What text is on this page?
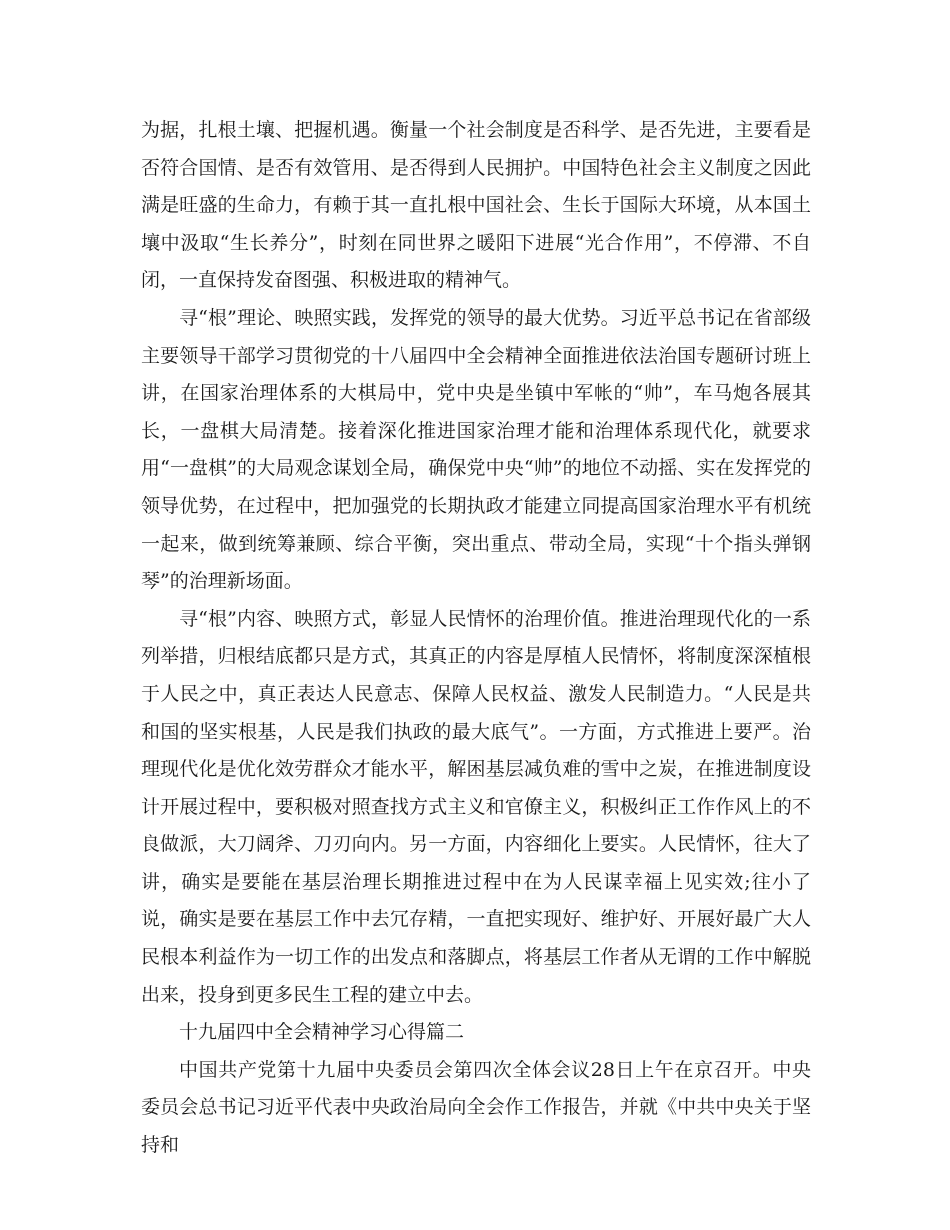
为据，扎根土壤、把握机遇。衡量一个社会制度是否科学、是否先进，主要看是否符合国情、是否有效管用、是否得到人民拥护。中国特色社会主义制度之因此满是旺盛的生命力，有赖于其一直扎根中国社会、生长于国际大环境，从本国土壤中汲取“生长养分”，时刻在同世界之暖阳下进展“光合作用”，不停滞、不自闭，一直保持发奋图强、积极进取的精神气。

寻“根”理论、映照实践，发挥党的领导的最大优势。习近平总书记在省部级主要领导干部学习贯彻党的十八届四中全会精神全面推进依法治国专题研讨班上讲，在国家治理体系的大棋局中，党中央是坐镇中军帐的“帅”，车马炮各展其长，一盘棋大局清楚。接着深化推进国家治理才能和治理体系现代化，就要求用“一盘棋”的大局观念谋划全局，确保党中央“帅”的地位不动摇、实在发挥党的领导优势，在过程中，把加强党的长期执政才能建立同提高国家治理水平有机统一起来，做到统筹兼顾、综合平衡，突出重点、带动全局，实现“十个指头弹钢琴”的治理新场面。

寻“根”内容、映照方式，彰显人民情怀的治理价值。推进治理现代化的一系列举措，归根结底都只是方式，其真正的内容是厚植人民情怀，将制度深深植根于人民之中，真正表达人民意志、保障人民权益、激发人民制造力。“人民是共和国的坚实根基，人民是我们执政的最大底气”。一方面，方式推进上要严。治理现代化是优化效劳群众才能水平，解困基层减负难的雪中之炭，在推进制度设计开展过程中，要积极对照查找方式主义和官僚主义，积极纠正工作作风上的不良做派，大刀阔斧、刀刃向内。另一方面，内容细化上要实。人民情怀，往大了讲，确实是要能在基层治理长期推进过程中在为人民谋幸福上见实效;往小了说，确实是要在基层工作中去冗存精，一直把实现好、维护好、开展好最广大人民根本利益作为一切工作的出发点和落脚点，将基层工作者从无谓的工作中解脱出来，投身到更多民生工程的建立中去。

十九届四中全会精神学习心得篇二

中国共产党第十九届中央委员会第四次全体会议28日上午在京召开。中央委员会总书记习近平代表中央政治局向全会作工作报告，并就《中共中央关于坚持和
